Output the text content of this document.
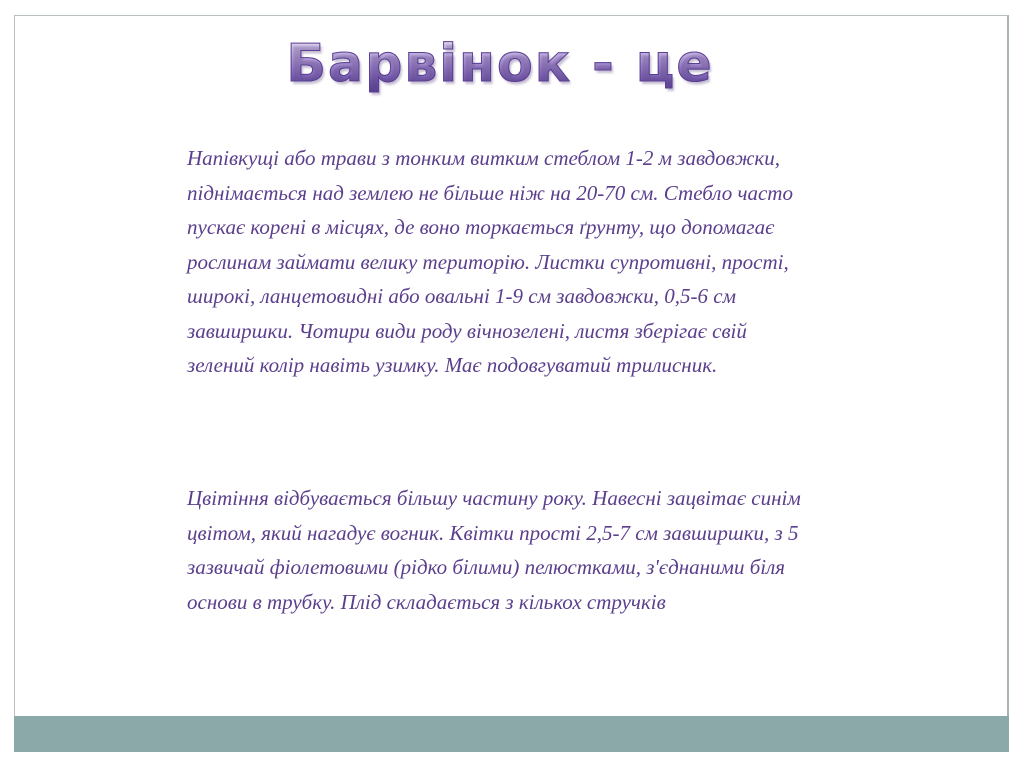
Барвінок - це

Напівкущі або трави з тонким витким стеблом 1-2 м завдовжки, піднімається над землею не більше ніж на 20-70 см. Стебло часто пускає корені в місцях, де воно торкається ґрунту, що допомагає рослинам займати велику територію. Листки супротивні, прості, широкі, ланцетовидні або овальні 1-9 см завдовжки, 0,5-6 см завширшки. Чотири види роду вічнозелені, листя зберігає свій зелений колір навіть узимку. Має подовгуватий трилисник.

Цвітіння відбувається більшу частину року. Навесні зацвітає синім цвітом, який нагадує вогник. Квітки прості 2,5-7 см завширшки, з 5 зазвичай фіолетовими (рідко білими) пелюстками, з'єднаними біля основи в трубку. Плід складається з кількох стручків
